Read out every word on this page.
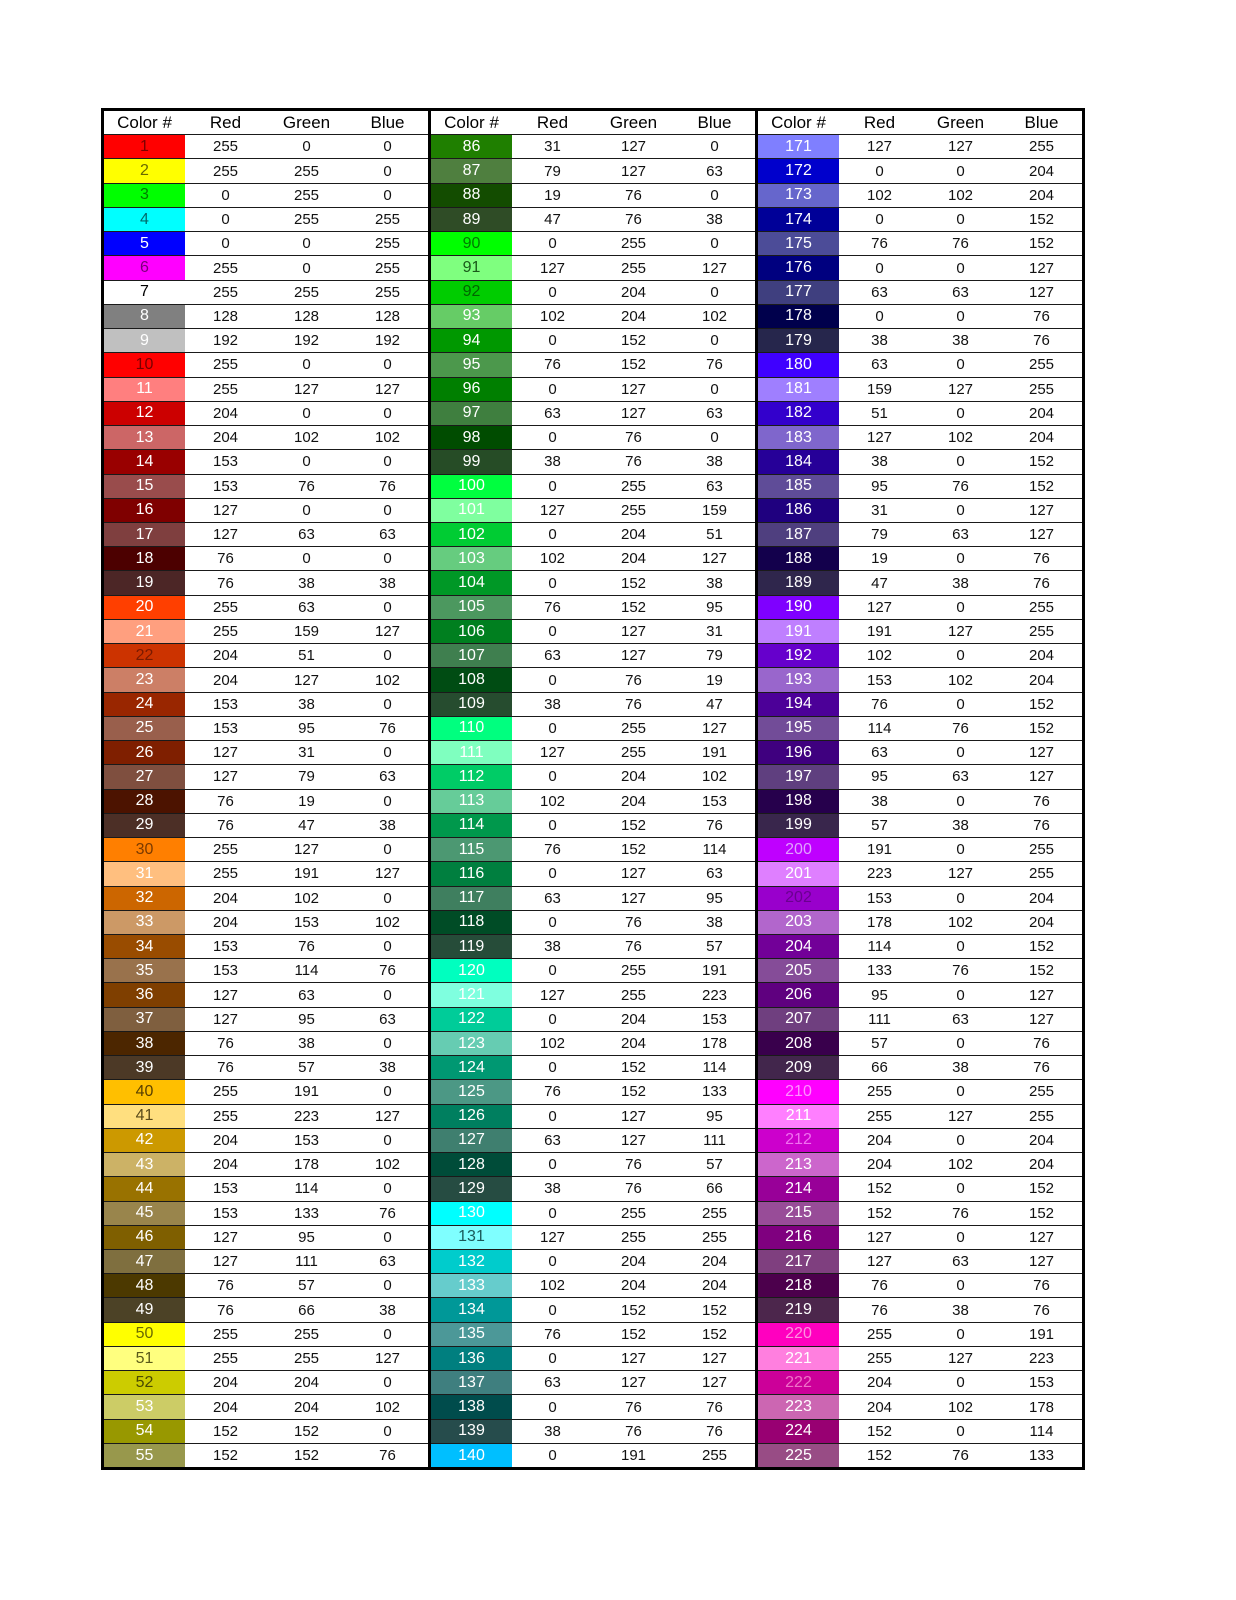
Color #	Red	Green	Blue
1	255	0	0
2	255	255	0
3	0	255	0
4	0	255	255
5	0	0	255
6	255	0	255
7	255	255	255
8	128	128	128
9	192	192	192
10	255	0	0
11	255	127	127
12	204	0	0
13	204	102	102
14	153	0	0
15	153	76	76
16	127	0	0
17	127	63	63
18	76	0	0
19	76	38	38
20	255	63	0
21	255	159	127
22	204	51	0
23	204	127	102
24	153	38	0
25	153	95	76
26	127	31	0
27	127	79	63
28	76	19	0
29	76	47	38
30	255	127	0
31	255	191	127
32	204	102	0
33	204	153	102
34	153	76	0
35	153	114	76
36	127	63	0
37	127	95	63
38	76	38	0
39	76	57	38
40	255	191	0
41	255	223	127
42	204	153	0
43	204	178	102
44	153	114	0
45	153	133	76
46	127	95	0
47	127	111	63
48	76	57	0
49	76	66	38
50	255	255	0
51	255	255	127
52	204	204	0
53	204	204	102
54	152	152	0
55	152	152	76
Color #	Red	Green	Blue
86	31	127	0
87	79	127	63
88	19	76	0
89	47	76	38
90	0	255	0
91	127	255	127
92	0	204	0
93	102	204	102
94	0	152	0
95	76	152	76
96	0	127	0
97	63	127	63
98	0	76	0
99	38	76	38
100	0	255	63
101	127	255	159
102	0	204	51
103	102	204	127
104	0	152	38
105	76	152	95
106	0	127	31
107	63	127	79
108	0	76	19
109	38	76	47
110	0	255	127
111	127	255	191
112	0	204	102
113	102	204	153
114	0	152	76
115	76	152	114
116	0	127	63
117	63	127	95
118	0	76	38
119	38	76	57
120	0	255	191
121	127	255	223
122	0	204	153
123	102	204	178
124	0	152	114
125	76	152	133
126	0	127	95
127	63	127	111
128	0	76	57
129	38	76	66
130	0	255	255
131	127	255	255
132	0	204	204
133	102	204	204
134	0	152	152
135	76	152	152
136	0	127	127
137	63	127	127
138	0	76	76
139	38	76	76
140	0	191	255
Color #	Red	Green	Blue
171	127	127	255
172	0	0	204
173	102	102	204
174	0	0	152
175	76	76	152
176	0	0	127
177	63	63	127
178	0	0	76
179	38	38	76
180	63	0	255
181	159	127	255
182	51	0	204
183	127	102	204
184	38	0	152
185	95	76	152
186	31	0	127
187	79	63	127
188	19	0	76
189	47	38	76
190	127	0	255
191	191	127	255
192	102	0	204
193	153	102	204
194	76	0	152
195	114	76	152
196	63	0	127
197	95	63	127
198	38	0	76
199	57	38	76
200	191	0	255
201	223	127	255
202	153	0	204
203	178	102	204
204	114	0	152
205	133	76	152
206	95	0	127
207	111	63	127
208	57	0	76
209	66	38	76
210	255	0	255
211	255	127	255
212	204	0	204
213	204	102	204
214	152	0	152
215	152	76	152
216	127	0	127
217	127	63	127
218	76	0	76
219	76	38	76
220	255	0	191
221	255	127	223
222	204	0	153
223	204	102	178
224	152	0	114
225	152	76	133
